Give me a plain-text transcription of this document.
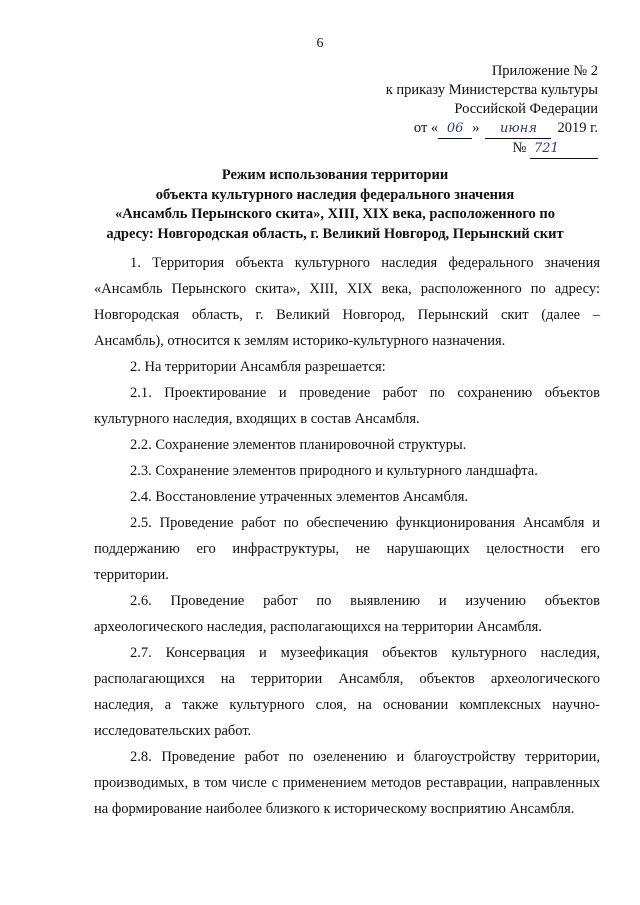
6
Приложение № 2
к приказу Министерства культуры
Российской Федерации
от « 06 » июня 2019 г.
№ 721
Режим использования территории
объекта культурного наследия федерального значения
«Ансамбль Перынского скита», XIII, XIX века, расположенного по
адресу: Новгородская область, г. Великий Новгород, Перынский скит

1. Территория объекта культурного наследия федерального значения «Ансамбль Перынского скита», XIII, XIX века, расположенного по адресу: Новгородская область, г. Великий Новгород, Перынский скит (далее – Ансамбль), относится к землям историко-культурного назначения.

2. На территории Ансамбля разрешается:

2.1. Проектирование и проведение работ по сохранению объектов культурного наследия, входящих в состав Ансамбля.

2.2. Сохранение элементов планировочной структуры.

2.3. Сохранение элементов природного и культурного ландшафта.

2.4. Восстановление утраченных элементов Ансамбля.

2.5. Проведение работ по обеспечению функционирования Ансамбля и поддержанию его инфраструктуры, не нарушающих целостности его территории.

2.6. Проведение работ по выявлению и изучению объектов археологического наследия, располагающихся на территории Ансамбля.

2.7. Консервация и музеефикация объектов культурного наследия, располагающихся на территории Ансамбля, объектов археологического наследия, а также культурного слоя, на основании комплексных научно-исследовательских работ.

2.8. Проведение работ по озеленению и благоустройству территории, производимых, в том числе с применением методов реставрации, направленных на формирование наиболее близкого к историческому восприятию Ансамбля.
